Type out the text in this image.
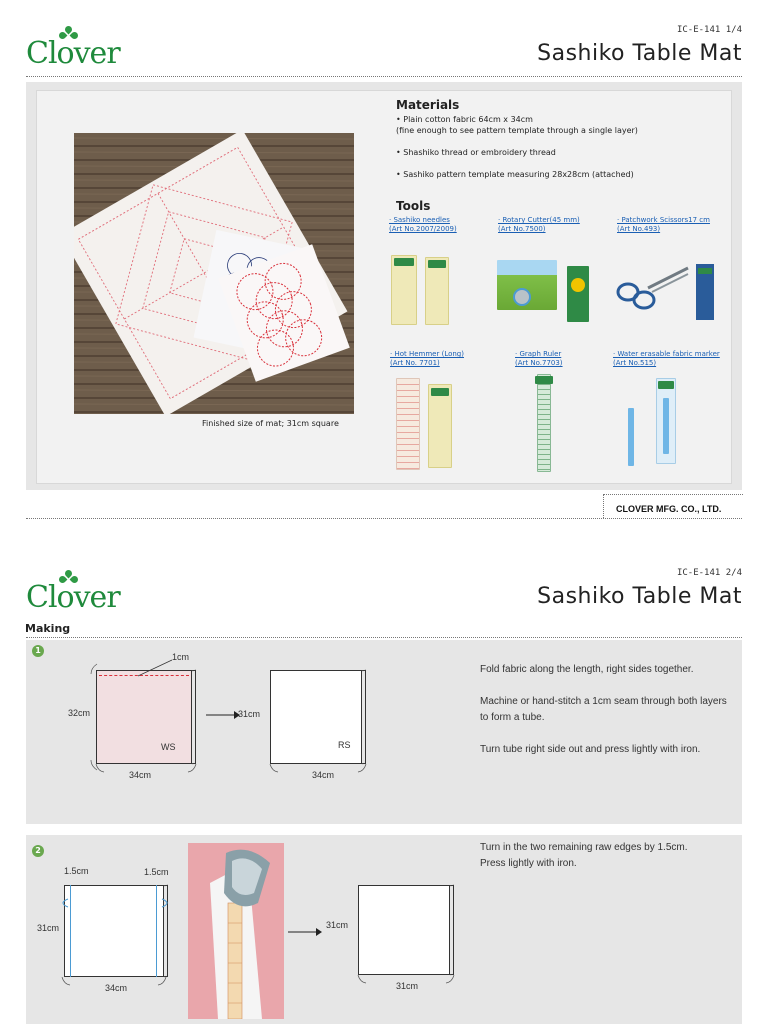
Clover
IC-E-141 1/4
Sashiko Table Mat
Finished size of mat; 31cm square
Materials
• Plain cotton fabric 64cm x 34cm
(fine enough to see pattern template through a single layer)
• Shashiko thread or embroidery thread
• Sashiko pattern template measuring 28x28cm (attached)
Tools
· Sashiko needles
(Art No.2007/2009)
· Rotary Cutter(45 mm)
(Art No.7500)
· Patchwork Scissors17 cm
(Art No.493)
· Hot Hemmer (Long)
(Art No. 7701)
· Graph Ruler
(Art No.7703)
· Water erasable fabric marker
(Art No.515)
CLOVER MFG. CO., LTD.
Clover
IC-E-141 2/4
Sashiko Table Mat
Making
1
1cm
32cm
WS
34cm
31cm
RS
34cm
Fold fabric along the length, right sides together.
Machine or hand-stitch a 1cm seam through both layers to form a tube.
Turn tube right side out and press lightly with iron.
2
1.5cm	1.5cm
31cm
34cm
31cm
31cm
Turn in the two remaining raw edges by 1.5cm.
Press lightly with iron.
